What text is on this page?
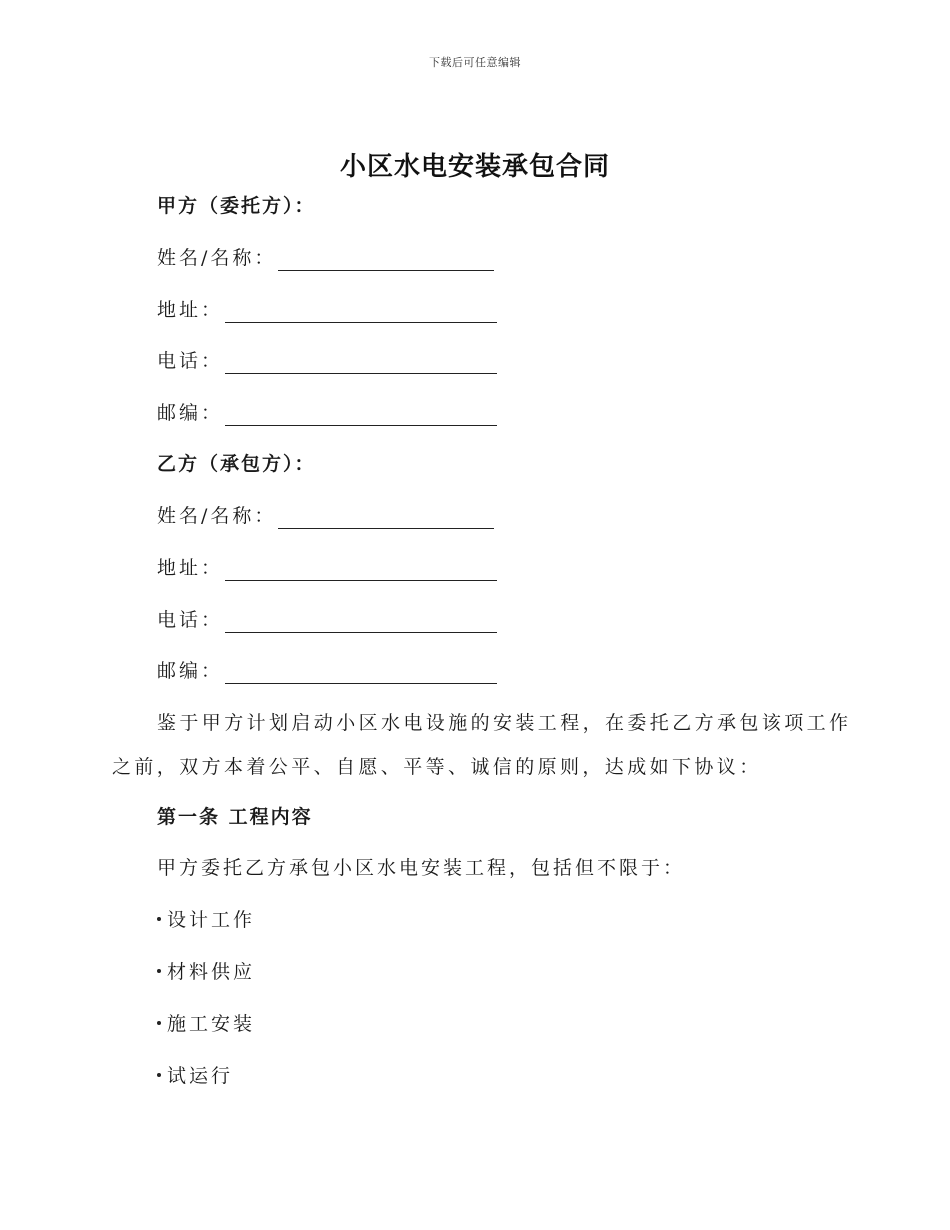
下载后可任意编辑
小区水电安装承包合同
甲方（委托方）：
姓名/名称：
地址：
电话：
邮编：
乙方（承包方）：
姓名/名称：
地址：
电话：
邮编：
鉴于甲方计划启动小区水电设施的安装工程，在委托乙方承包该项工作
之前，双方本着公平、自愿、平等、诚信的原则，达成如下协议：
第一条 工程内容
甲方委托乙方承包小区水电安装工程，包括但不限于：
设计工作
材料供应
施工安装
试运行
